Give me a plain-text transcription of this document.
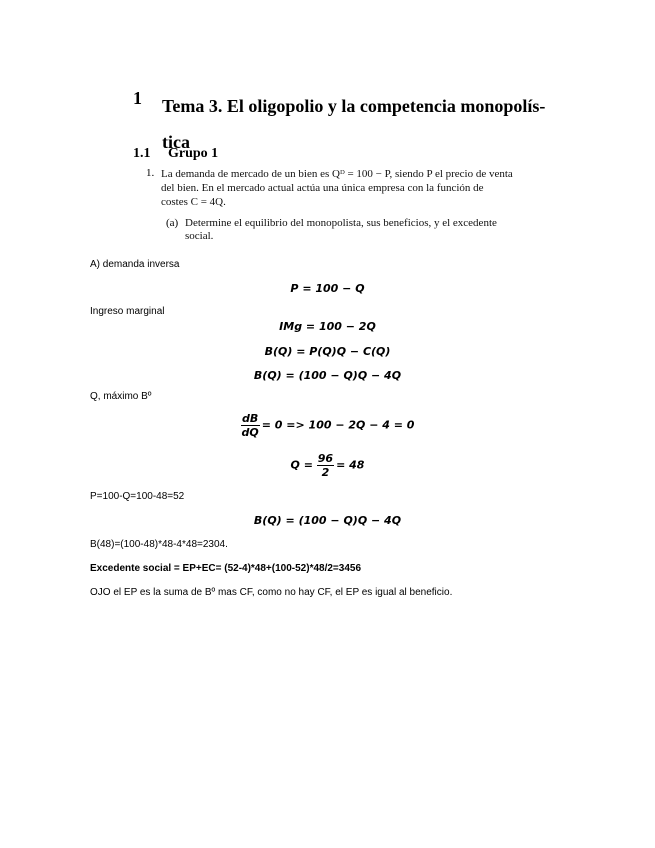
1 Tema 3. El oligopolio y la competencia monopolís-tica
1.1 Grupo 1
1. La demanda de mercado de un bien es Qᴰ = 100 − P, siendo P el precio de venta del bien. En el mercado actual actúa una única empresa con la función de costes C = 4Q.
(a) Determine el equilibrio del monopolista, sus beneficios, y el excedente social.
A) demanda inversa
P = 100 − Q
Ingreso marginal
IMg = 100 − 2Q
B(Q) = P(Q)Q − C(Q)
B(Q) = (100 − Q)Q − 4Q
Q, máximo Bº
$\frac{dB}{dQ} = 0 => 100 - 2Q - 4 = 0$
$Q = \frac{96}{2} = 48$
P=100-Q=100-48=52
B(Q) = (100 − Q)Q − 4Q
B(48)=(100-48)*48-4*48=2304.
Excedente social = EP+EC= (52-4)*48+(100-52)*48/2=3456
OJO el EP es la suma de Bº mas CF, como no hay CF, el EP es igual al beneficio.
